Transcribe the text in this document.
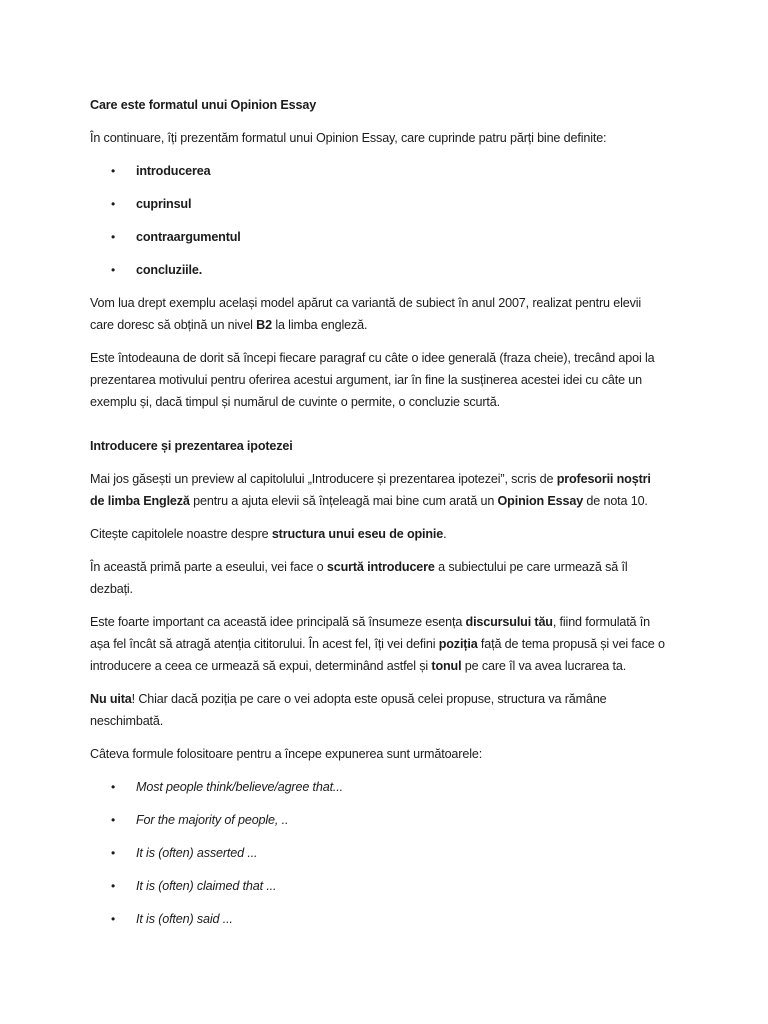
Care este formatul unui Opinion Essay

În continuare, îți prezentăm formatul unui Opinion Essay, care cuprinde patru părți bine definite:

• introducerea
• cuprinsul
• contraargumentul
• concluziile.

Vom lua drept exemplu același model apărut ca variantă de subiect în anul 2007, realizat pentru elevii care doresc să obțină un nivel B2 la limba engleză.

Este întodeauna de dorit să începi fiecare paragraf cu câte o idee generală (fraza cheie), trecând apoi la prezentarea motivului pentru oferirea acestui argument, iar în fine la susținerea acestei idei cu câte un exemplu și, dacă timpul și numărul de cuvinte o permite, o concluzie scurtă.

Introducere și prezentarea ipotezei

Mai jos găsești un preview al capitolului „Introducere și prezentarea ipotezei”, scris de profesorii noștri de limba Engleză pentru a ajuta elevii să înțeleagă mai bine cum arată un Opinion Essay de nota 10.

Citește capitolele noastre despre structura unui eseu de opinie.

În această primă parte a eseului, vei face o scurtă introducere a subiectului pe care urmează să îl dezbați.

Este foarte important ca această idee principală să însumeze esența discursului tău, fiind formulată în așa fel încât să atragă atenția cititorului. În acest fel, îți vei defini poziția față de tema propusă și vei face o introducere a ceea ce urmează să expui, determinând astfel și tonul pe care îl va avea lucrarea ta.

Nu uita! Chiar dacă poziția pe care o vei adopta este opusă celei propuse, structura va rămâne neschimbată.

Câteva formule folositoare pentru a începe expunerea sunt următoarele:

• Most people think/believe/agree that...
• For the majority of people, ..
• It is (often) asserted ...
• It is (often) claimed that ...
• It is (often) said ...
